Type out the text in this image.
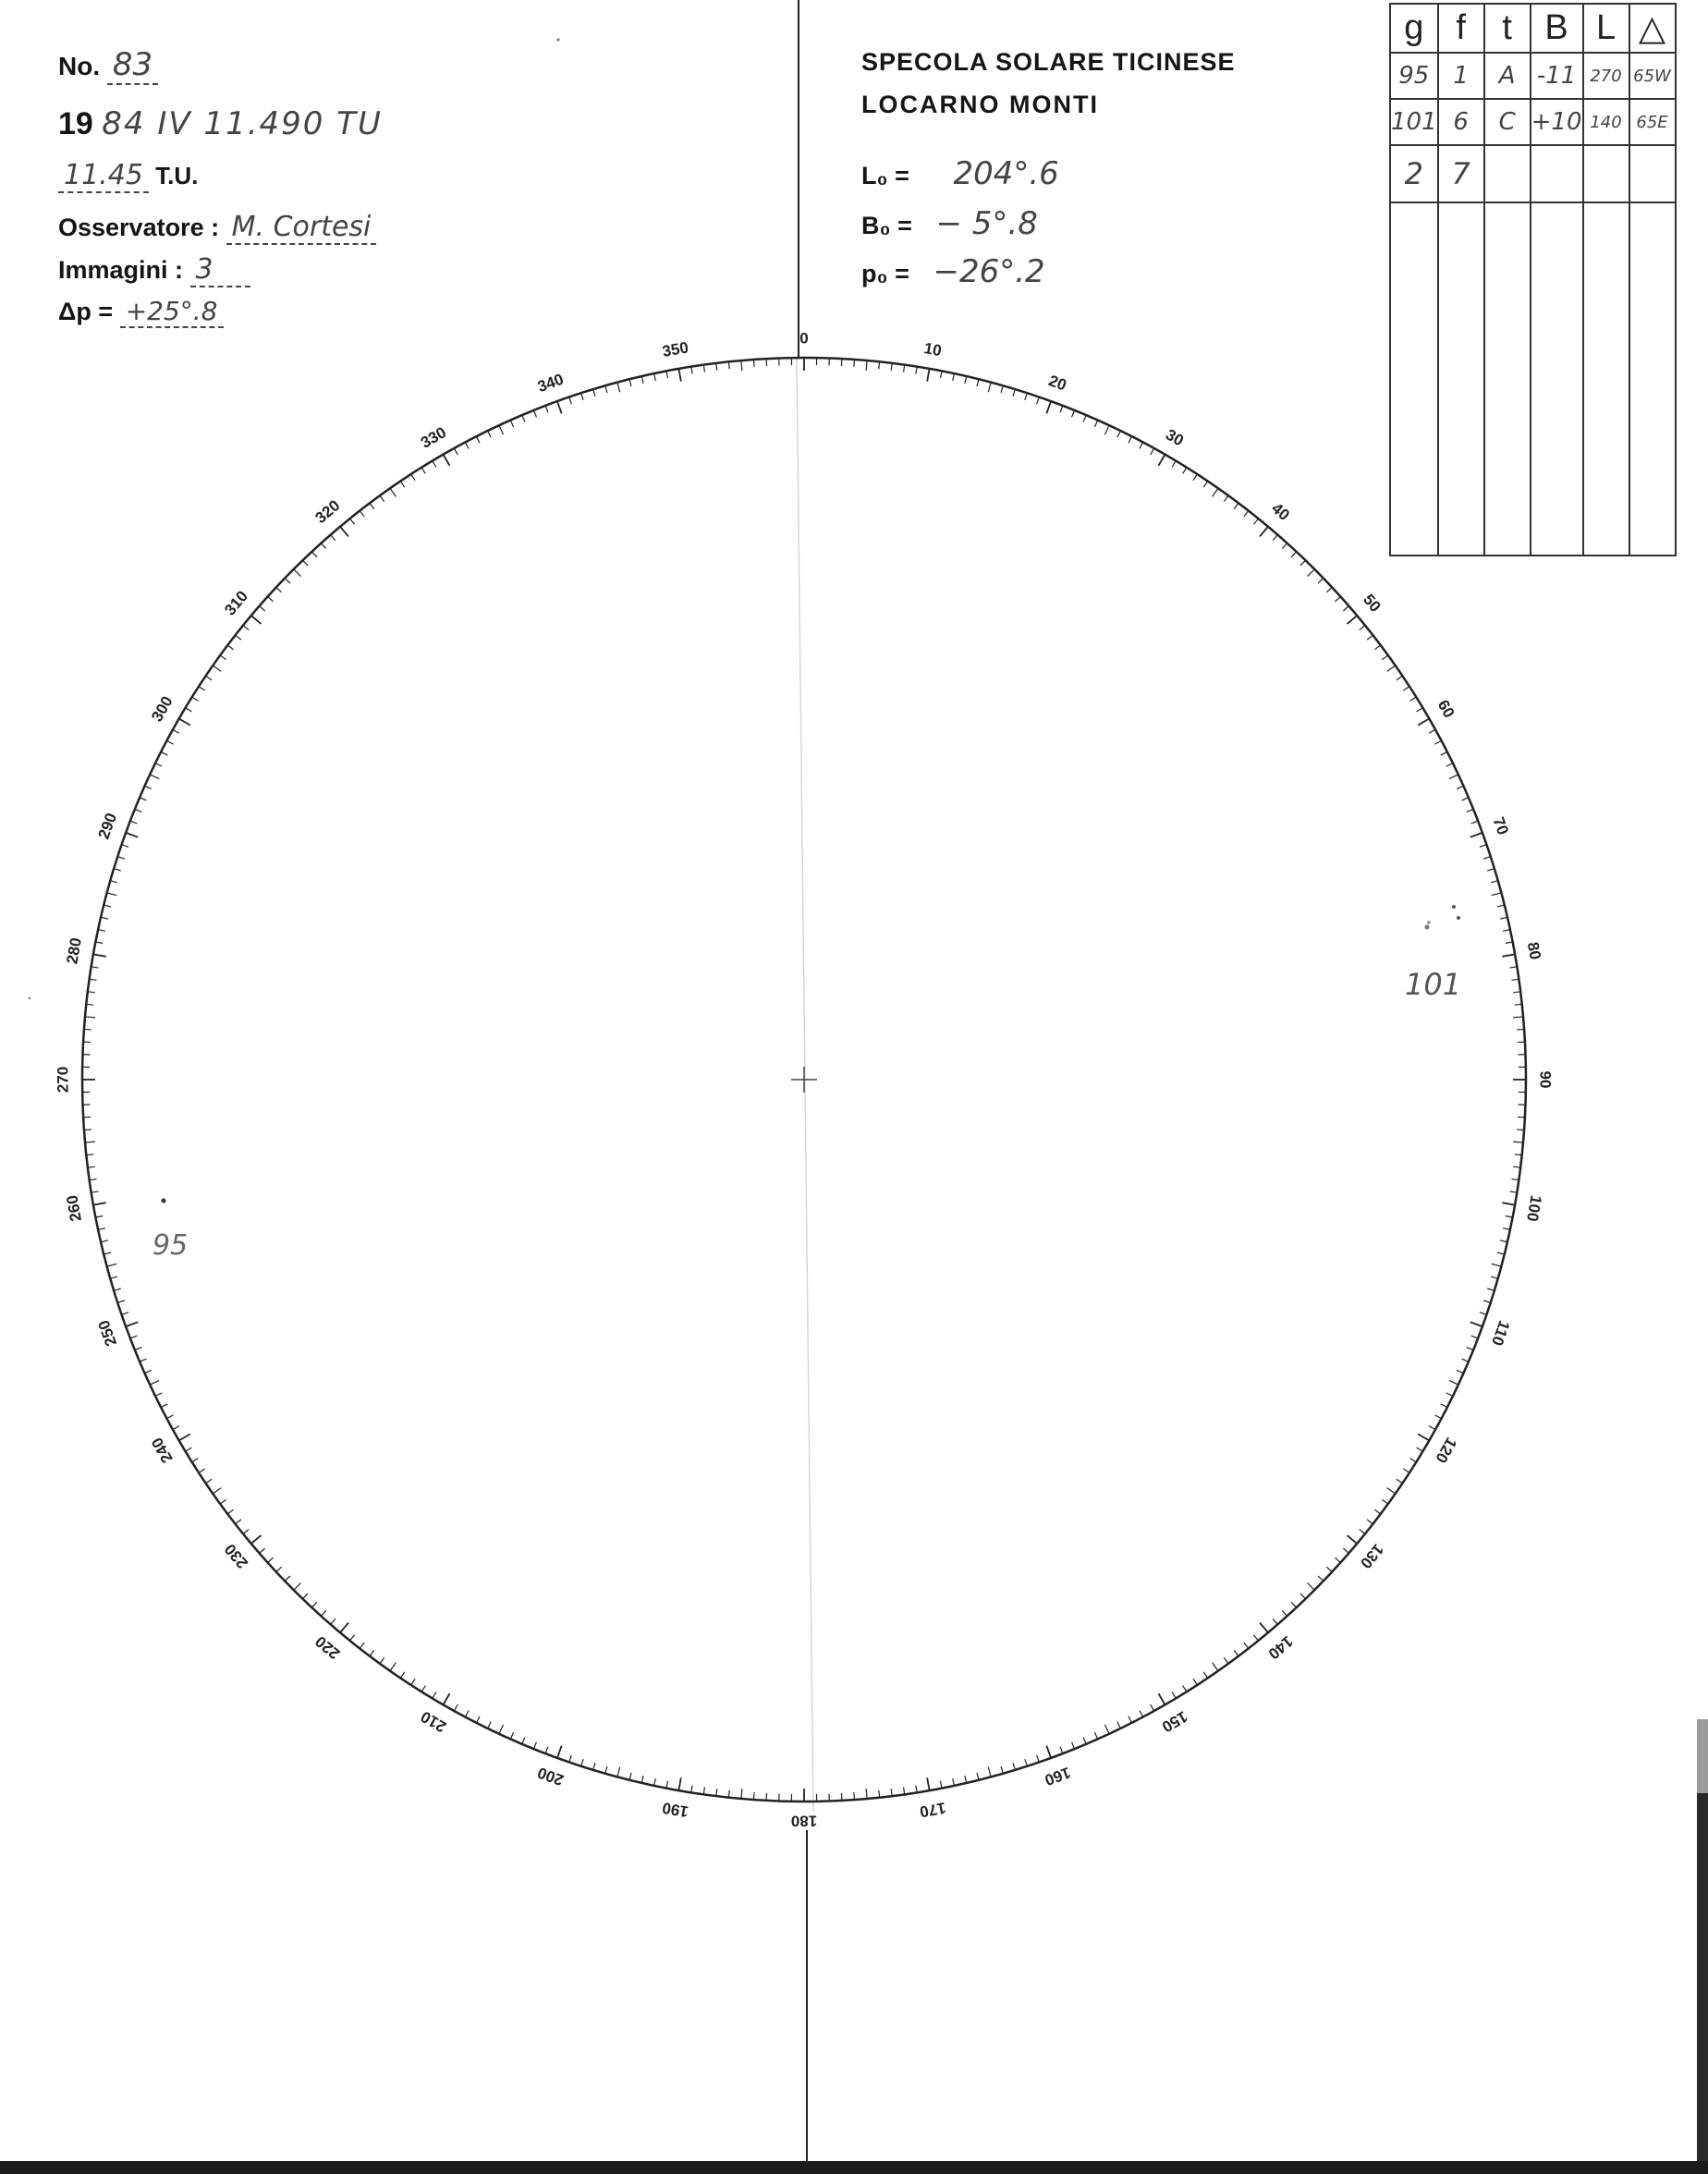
0
10
20
30
40
50
60
70
80
90
100
110
120
130
140
150
160
170
180
190
200
210
220
230
240
250
260
270
280
290
300
310
320
330
340
350
101
95
No. 83
19 84 IV 11.490 TU
11.45 T.U.
Osservatore : M. Cortesi
Immagini : 3
Δp = +25°.8
SPECOLA SOLARE TICINESE
LOCARNO MONTI
L₀ = 204°.6
B₀ = − 5°.8
p₀ = −26°.2
g	f	t	B	L	△
95	1	A	-11	270	65W
101	6	C	+10	140	65E
2	7				
